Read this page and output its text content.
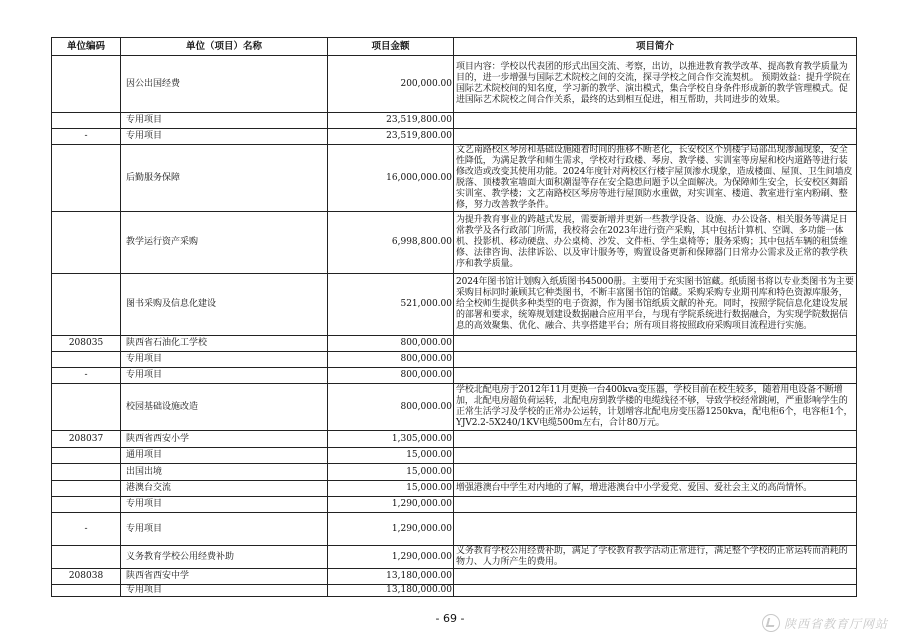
单位编码	单位（项目）名称	项目金额	项目简介
	因公出国经费	200,000.00	项目内容：学校以代表团的形式出国交流、考察，出访，以推进教育教学改革、提高教育教学质量为目的，进一步增强与国际艺术院校之间的交流，探寻学校之间合作交流契机。 预期效益：提升学院在国际艺术院校间的知名度，学习新的教学、演出模式，集合学校自身条件形成新的教学管理模式。促进国际艺术院校之间合作关系，最终的达到相互促进，相互帮助，共同进步的效果。
	专用项目	23,519,800.00	
-	专用项目	23,519,800.00	
	后勤服务保障	16,000,000.00	文艺南路校区琴房和基础设施随着时间的推移不断老化，长安校区个别楼宇局部出现渗漏现象，安全性降低，为满足教学和师生需求，学校对行政楼、琴房、教学楼、实训室等房屋和校内道路等进行装修改造或改变其使用功能。2024年度针对两校区行楼宇屋顶渗水现象，造成楼面、屋顶、卫生间墙皮脱落、顶楼教室墙面大面积潮湿等存在安全隐患问题予以全面解决。为保障师生安全，长安校区舞蹈实训室、教学楼；文艺南路校区琴房等进行屋顶防水重做，对实训室、楼道、教室进行室内粉刷、整修，努力改善教学条件。
	教学运行资产采购	6,998,800.00	为提升教育事业的跨越式发展，需要新增并更新一些教学设备、设施、办公设备、相关服务等满足日常教学及各行政部门所需，我校将会在2023年进行资产采购，其中包括计算机、空调、多功能一体机、投影机、移动硬盘、办公桌椅、沙发、文件柜、学生桌椅等；服务采购；其中包括车辆的租赁维修、法律咨询、法律诉讼、以及审计服务等，购置设备更新和保障器门日常办公需求及正常的教学秩序和教学质量。
	图书采购及信息化建设	521,000.00	2024年图书馆计划购入纸质图书45000册。主要用于充实图书馆藏。纸质图书将以专业类图书为主要采购目标同时兼顾其它种类图书，不断丰富图书馆的馆藏。采购采购专业期刊库和特色资源库服务，给全校师生提供多种类型的电子资源，作为图书馆纸质文献的补充。同时，按照学院信息化建设发展的部署和要求，统筹规划建设数据融合应用平台，与现有学院系统进行数据融合，为实现学院数据信息的高效聚集、优化、融合、共享搭建平台；所有项目将按照政府采购项目流程进行实施。
208035	陕西省石油化工学校	800,000.00	
	专用项目	800,000.00	
-	专用项目	800,000.00	
	校园基础设施改造	800,000.00	学校北配电房于2012年11月更换一台400kva变压器，学校目前在校生较多，随着用电设备不断增加，北配电房超负荷运转，北配电房到教学楼的电缆线径不够，导致学校经常跳闸，严重影响学生的正常生活学习及学校的正常办公运转，计划增容北配电房变压器1250kva，配电柜6个，电容柜1个，YJV2.2-5X240/1KV电缆500m左右，合计80万元。
208037	陕西省西安小学	1,305,000.00	
	通用项目	15,000.00	
	出国出境	15,000.00	
	港澳台交流	15,000.00	增强港澳台中学生对内地的了解，增进港澳台中小学爱党、爱国、爱社会主义的高尚情怀。
	专用项目	1,290,000.00	
-	专用项目	1,290,000.00	
	义务教育学校公用经费补助	1,290,000.00	义务教育学校公用经费补助，满足了学校教育教学活动正常进行，满足整个学校的正常运转而消耗的物力、人力所产生的费用。
208038	陕西省西安中学	13,180,000.00	
	专用项目	13,180,000.00	
- 69 -	陕西省教育厅网站
